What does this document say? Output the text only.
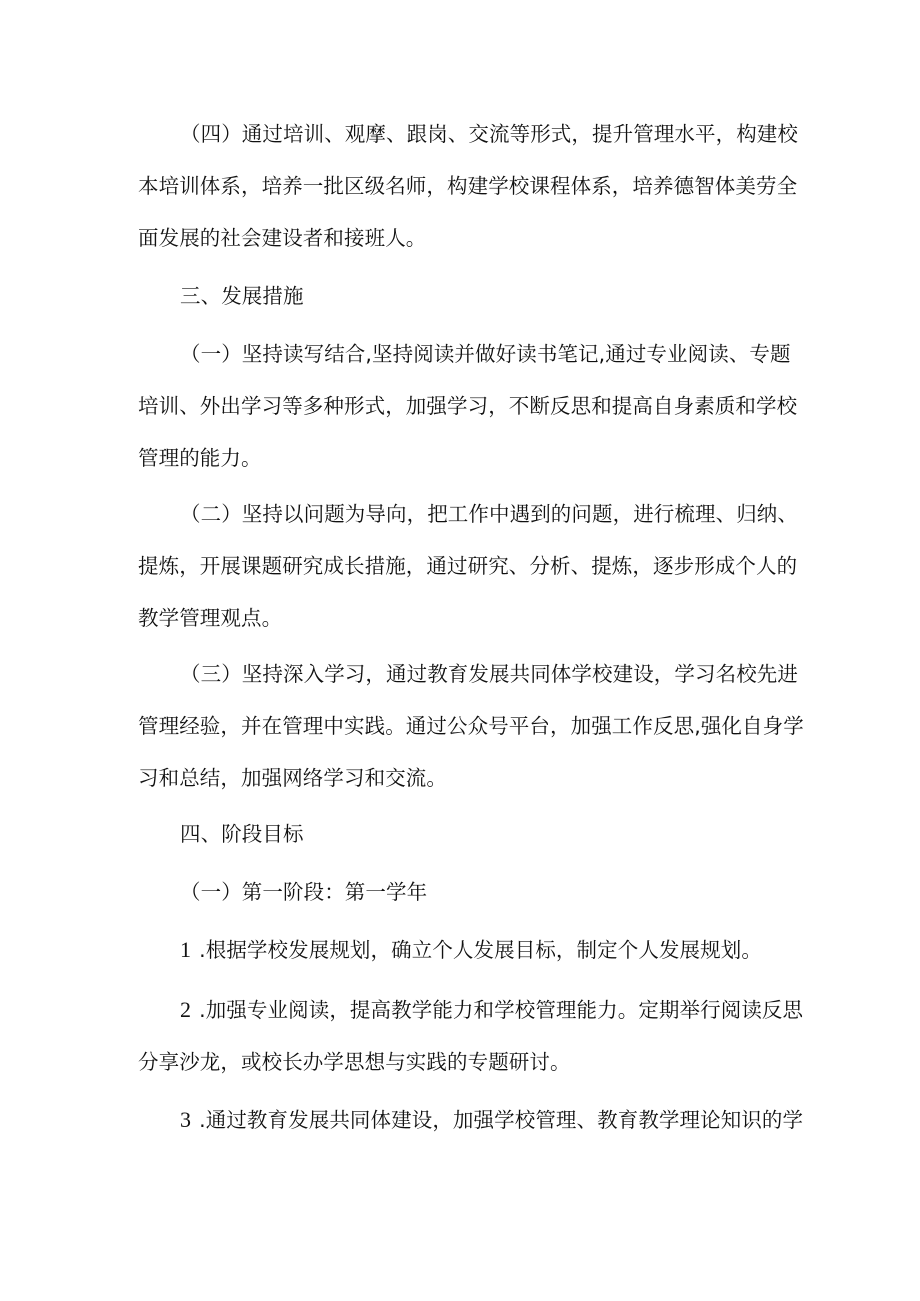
（四）通过培训、观摩、跟岗、交流等形式，提升管理水平，构建校
本培训体系，培养一批区级名师，构建学校课程体系，培养德智体美劳全
面发展的社会建设者和接班人。
三、发展措施
（一）坚持读写结合,坚持阅读并做好读书笔记,通过专业阅读、专题
培训、外出学习等多种形式，加强学习，不断反思和提高自身素质和学校
管理的能力。
（二）坚持以问题为导向，把工作中遇到的问题，进行梳理、归纳、
提炼，开展课题研究成长措施，通过研究、分析、提炼，逐步形成个人的
教学管理观点。
（三）坚持深入学习，通过教育发展共同体学校建设，学习名校先进
管理经验，并在管理中实践。通过公众号平台，加强工作反思,强化自身学
习和总结，加强网络学习和交流。
四、阶段目标
（一）第一阶段：第一学年
1 .根据学校发展规划，确立个人发展目标，制定个人发展规划。
2 .加强专业阅读，提高教学能力和学校管理能力。定期举行阅读反思
分享沙龙，或校长办学思想与实践的专题研讨。
3 .通过教育发展共同体建设，加强学校管理、教育教学理论知识的学
